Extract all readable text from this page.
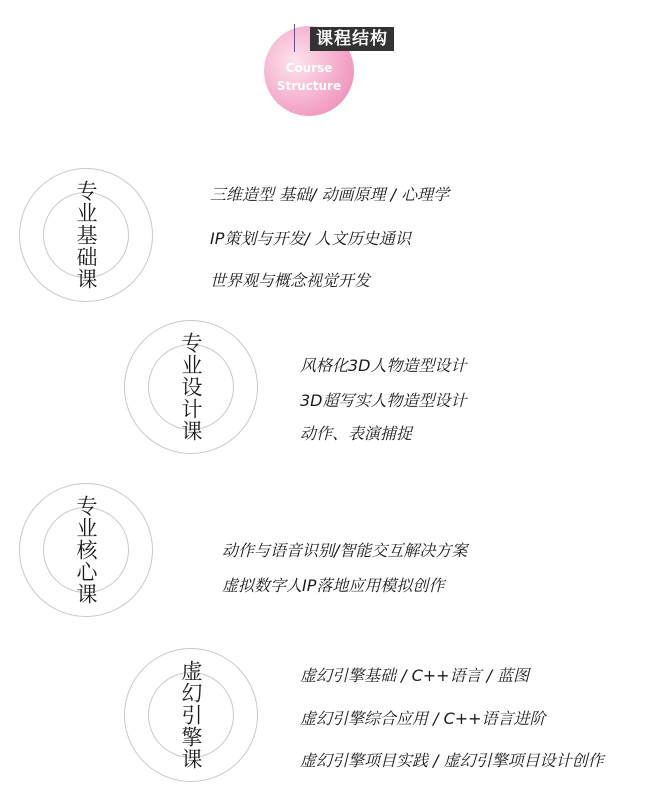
课程结构
Course
Structure
专业基础课	三维造型 基础/ 动画原理 / 心理学
IP策划与开发/ 人文历史通识
世界观与概念视觉开发
专业设计课	风格化3D人物造型设计
3D超写实人物造型设计
动作、表演捕捉
专业核心课	动作与语音识别/智能交互解决方案
虚拟数字人IP落地应用模拟创作
虚幻引擎课	虚幻引擎基础 / C++语言 / 蓝图
虚幻引擎综合应用 / C++语言进阶
虚幻引擎项目实践 / 虚幻引擎项目设计创作
